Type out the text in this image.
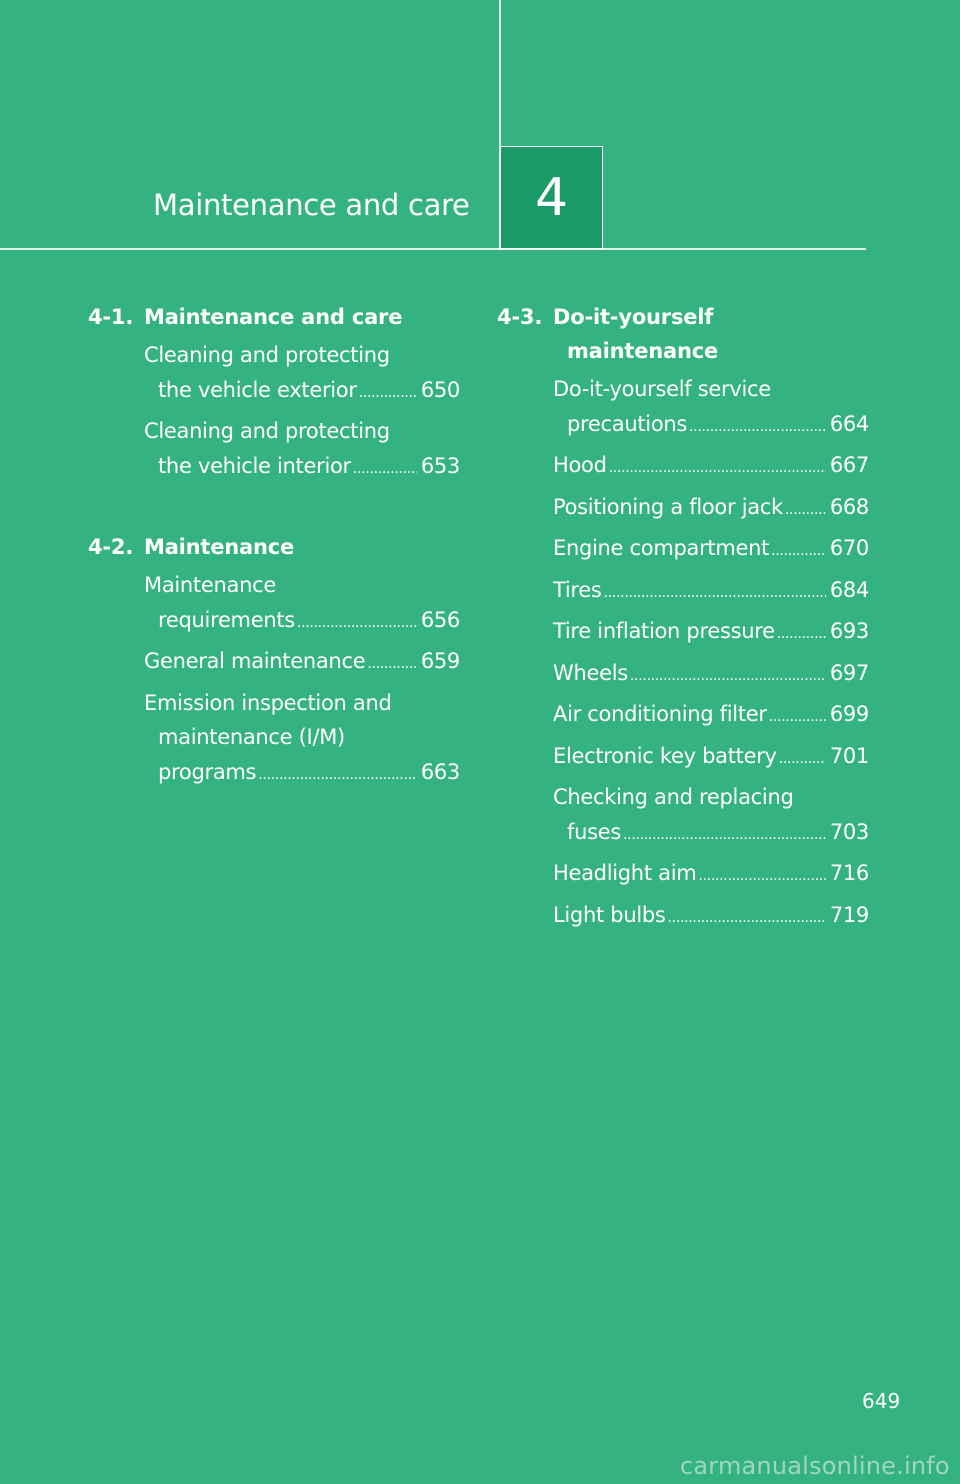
Maintenance and care 4
4-1. Maintenance and care
Cleaning and protecting
the vehicle exterior .....	650
Cleaning and protecting
the vehicle interior .....	653
4-2. Maintenance
Maintenance
requirements .....	656
General maintenance .....	659
Emission inspection and
maintenance (I/M)
programs .....	663
4-3. Do-it-yourself
maintenance
Do-it-yourself service
precautions .....	664
Hood .....	667
Positioning a floor jack ..... 668
Engine compartment .....	670
Tires .....	684
Tire inflation pressure .....	693
Wheels .....	697
Air conditioning filter .....	699
Electronic key battery .....	701
Checking and replacing
fuses .....	703
Headlight aim .....	716
Light bulbs .....	719
649
carmanualsonline.info
